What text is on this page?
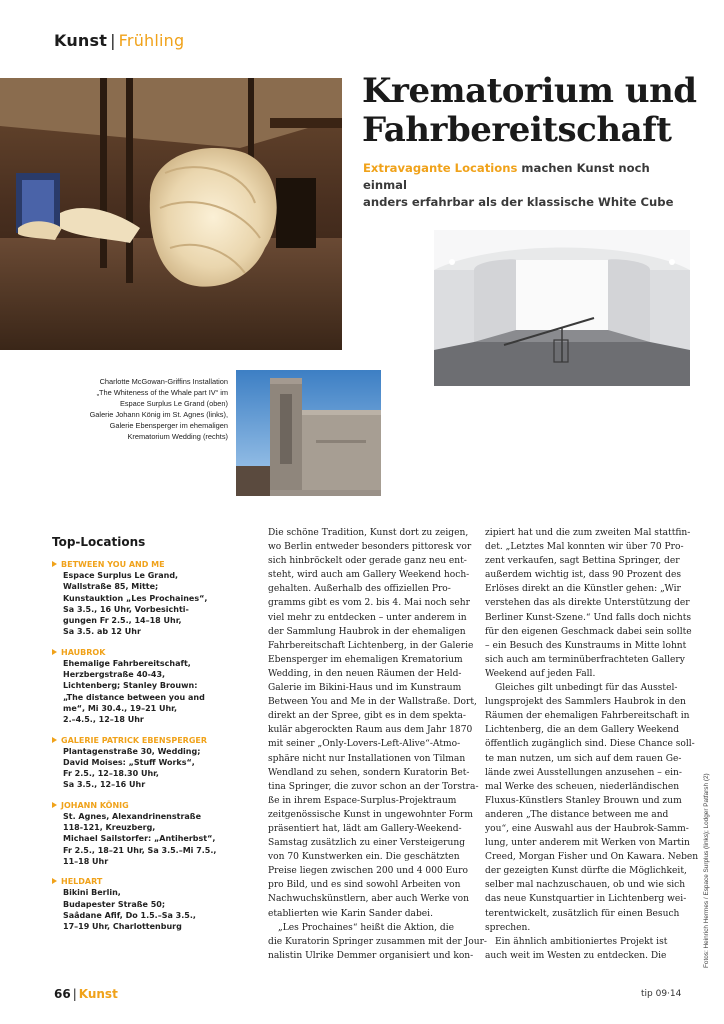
Kunst | Frühling
Krematorium und
Fahrbereitschaft
Extravagante Locations machen Kunst noch einmal
anders erfahrbar als der klassische White Cube
Charlotte McGowan-Griffins Installation
„The Whiteness of the Whale part IV“ im
Espace Surplus Le Grand (oben)
Galerie Johann König im St. Agnes (links),
Galerie Ebensperger im ehemaligen
Krematorium Wedding (rechts)
Top-Locations
BETWEEN YOU AND ME
Espace Surplus Le Grand,
Wallstraße 85, Mitte;
Kunstauktion „Les Prochaines“,
Sa 3.5., 16 Uhr, Vorbesichti-
gungen Fr 2.5., 14–18 Uhr,
Sa 3.5. ab 12 Uhr
HAUBROK
Ehemalige Fahrbereitschaft,
Herzbergstraße 40-43,
Lichtenberg; Stanley Brouwn:
„The distance between you and
me“, Mi 30.4., 19–21 Uhr,
2.–4.5., 12–18 Uhr
GALERIE PATRICK EBENSPERGER
Plantagenstraße 30, Wedding;
David Moises: „Stuff Works“,
Fr 2.5., 12–18.30 Uhr,
Sa 3.5., 12–16 Uhr
JOHANN KÖNIG
St. Agnes, Alexandrinenstraße
118-121, Kreuzberg,
Michael Sailstorfer: „Antiherbst“,
Fr 2.5., 18–21 Uhr, Sa 3.5.–Mi 7.5.,
11–18 Uhr
HELDART
Bikini Berlin,
Budapester Straße 50;
Saâdane Afif, Do 1.5.–Sa 3.5.,
17–19 Uhr, Charlottenburg
Die schöne Tradition, Kunst dort zu zeigen,
wo Berlin entweder besonders pittoresk vor
sich hinbröckelt oder gerade ganz neu ent-
steht, wird auch am Gallery Weekend hoch-
gehalten. Außerhalb des offiziellen Pro-
gramms gibt es vom 2. bis 4. Mai noch sehr
viel mehr zu entdecken – unter anderem in
der Sammlung Haubrok in der ehemaligen
Fahrbereitschaft Lichtenberg, in der Galerie
Ebensperger im ehemaligen Krematorium
Wedding, in den neuen Räumen der Held-
Galerie im Bikini-Haus und im Kunstraum
Between You and Me in der Wallstraße. Dort,
direkt an der Spree, gibt es in dem spekta-
kulär abgerockten Raum aus dem Jahr 1870
mit seiner „Only-Lovers-Left-Alive“-Atmo-
sphäre nicht nur Installationen von Tilman
Wendland zu sehen, sondern Kuratorin Bet-
tina Springer, die zuvor schon an der Torstra-
ße in ihrem Espace-Surplus-Projektraum
zeitgenössische Kunst in ungewohnter Form
präsentiert hat, lädt am Gallery-Weekend-
Samstag zusätzlich zu einer Versteigerung
von 70 Kunstwerken ein. Die geschätzten
Preise liegen zwischen 200 und 4 000 Euro
pro Bild, und es sind sowohl Arbeiten von
Nachwuchskünstlern, aber auch Werke von
etablierten wie Karin Sander dabei.
„Les Prochaines“ heißt die Aktion, die
die Kuratorin Springer zusammen mit der Jour-
nalistin Ulrike Demmer organisiert und kon-
zipiert hat und die zum zweiten Mal stattfin-
det. „Letztes Mal konnten wir über 70 Pro-
zent verkaufen, sagt Bettina Springer, der
außerdem wichtig ist, dass 90 Prozent des
Erlöses direkt an die Künstler gehen: „Wir
verstehen das als direkte Unterstützung der
Berliner Kunst-Szene.“ Und falls doch nichts
für den eigenen Geschmack dabei sein sollte
– ein Besuch des Kunstraums in Mitte lohnt
sich auch am terminüberfrachteten Gallery
Weekend auf jeden Fall.
Gleiches gilt unbedingt für das Ausstel-
lungsprojekt des Sammlers Haubrok in den
Räumen der ehemaligen Fahrbereitschaft in
Lichtenberg, die an dem Gallery Weekend
öffentlich zugänglich sind. Diese Chance soll-
te man nutzen, um sich auf dem rauen Ge-
lände zwei Ausstellungen anzusehen – ein-
mal Werke des scheuen, niederländischen
Fluxus-Künstlers Stanley Brouwn und zum
anderen „The distance between me and
you“, eine Auswahl aus der Haubrok-Samm-
lung, unter anderem mit Werken von Martin
Creed, Morgan Fisher und On Kawara. Neben
der gezeigten Kunst dürfte die Möglichkeit,
selber mal nachzuschauen, ob und wie sich
das neue Kunstquartier in Lichtenberg wei-
terentwickelt, zusätzlich für einen Besuch
sprechen.
Ein ähnlich ambitioniertes Projekt ist
auch weit im Westen zu entdecken. Die	Fotos: Heinrich Hermes / Espace Surplus (links); Lodger Patfarsh (2)
66 | Kunst	tip 09·14
